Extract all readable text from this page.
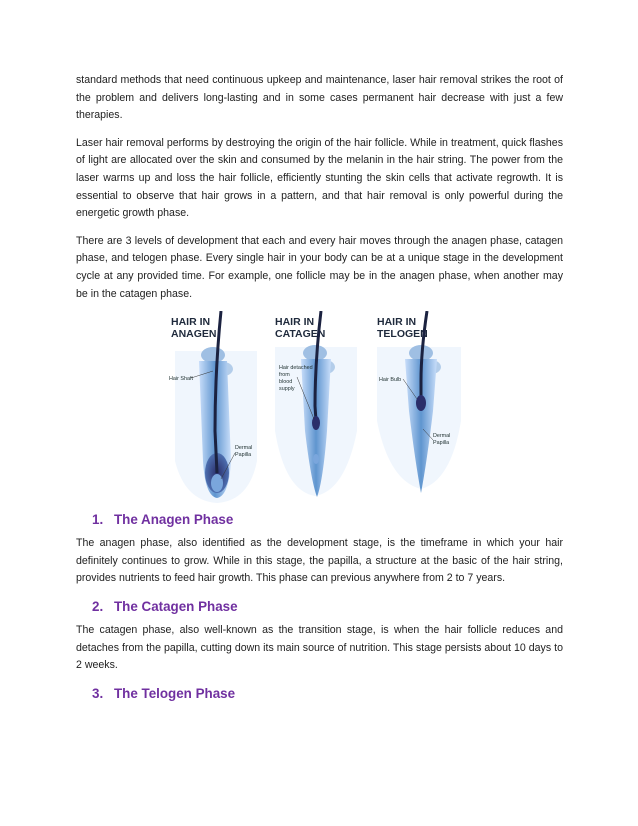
standard methods that need continuous upkeep and maintenance, laser hair removal strikes the root of the problem and delivers long-lasting and in some cases permanent hair decrease with just a few therapies.

Laser hair removal performs by destroying the origin of the hair follicle. While in treatment, quick flashes of light are allocated over the skin and consumed by the melanin in the hair string. The power from the laser warms up and loss the hair follicle, efficiently stunting the skin cells that activate regrowth. It is essential to observe that hair grows in a pattern, and that hair removal is only powerful during the energetic growth phase.

There are 3 levels of development that each and every hair moves through the anagen phase, catagen phase, and telogen phase. Every single hair in your body can be at a unique stage in the development cycle at any provided time. For example, one follicle may be in the anagen phase, when another may be in the catagen phase.

HAIR IN
ANAGEN
Hair Shaft
Dermal
Papilla
HAIR IN
CATAGEN
Hair detached
from
blood
supply
HAIR IN
TELOGEN
Hair Bulb
Dermal
Papilla
1. The Anagen Phase

The anagen phase, also identified as the development stage, is the timeframe in which your hair definitely continues to grow. While in this stage, the papilla, a structure at the basic of the hair string, provides nutrients to feed hair growth. This phase can previous anywhere from 2 to 7 years.

2. The Catagen Phase

The catagen phase, also well-known as the transition stage, is when the hair follicle reduces and detaches from the papilla, cutting down its main source of nutrition. This stage persists about 10 days to 2 weeks.

3. The Telogen Phase
